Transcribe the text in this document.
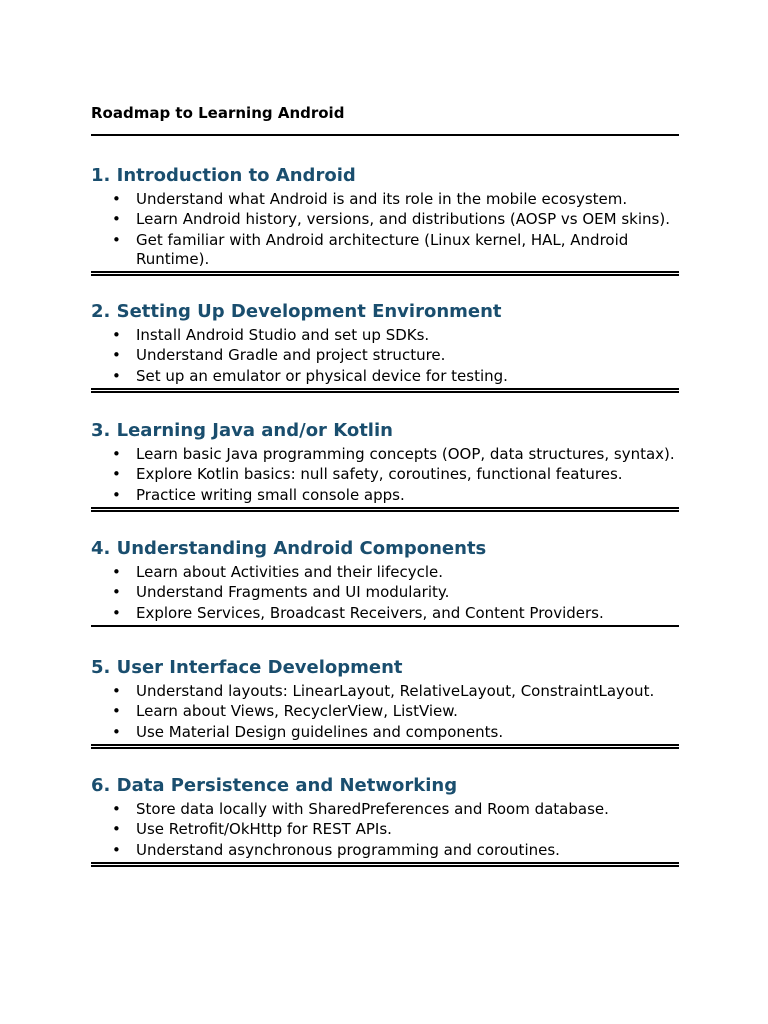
Roadmap to Learning Android
1. Introduction to Android
• Understand what Android is and its role in the mobile ecosystem.
• Learn Android history, versions, and distributions (AOSP vs OEM skins).
• Get familiar with Android architecture (Linux kernel, HAL, Android Runtime).
2. Setting Up Development Environment
• Install Android Studio and set up SDKs.
• Understand Gradle and project structure.
• Set up an emulator or physical device for testing.
3. Learning Java and/or Kotlin
• Learn basic Java programming concepts (OOP, data structures, syntax).
• Explore Kotlin basics: null safety, coroutines, functional features.
• Practice writing small console apps.
4. Understanding Android Components
• Learn about Activities and their lifecycle.
• Understand Fragments and UI modularity.
• Explore Services, Broadcast Receivers, and Content Providers.
5. User Interface Development
• Understand layouts: LinearLayout, RelativeLayout, ConstraintLayout.
• Learn about Views, RecyclerView, ListView.
• Use Material Design guidelines and components.
6. Data Persistence and Networking
• Store data locally with SharedPreferences and Room database.
• Use Retrofit/OkHttp for REST APIs.
• Understand asynchronous programming and coroutines.
